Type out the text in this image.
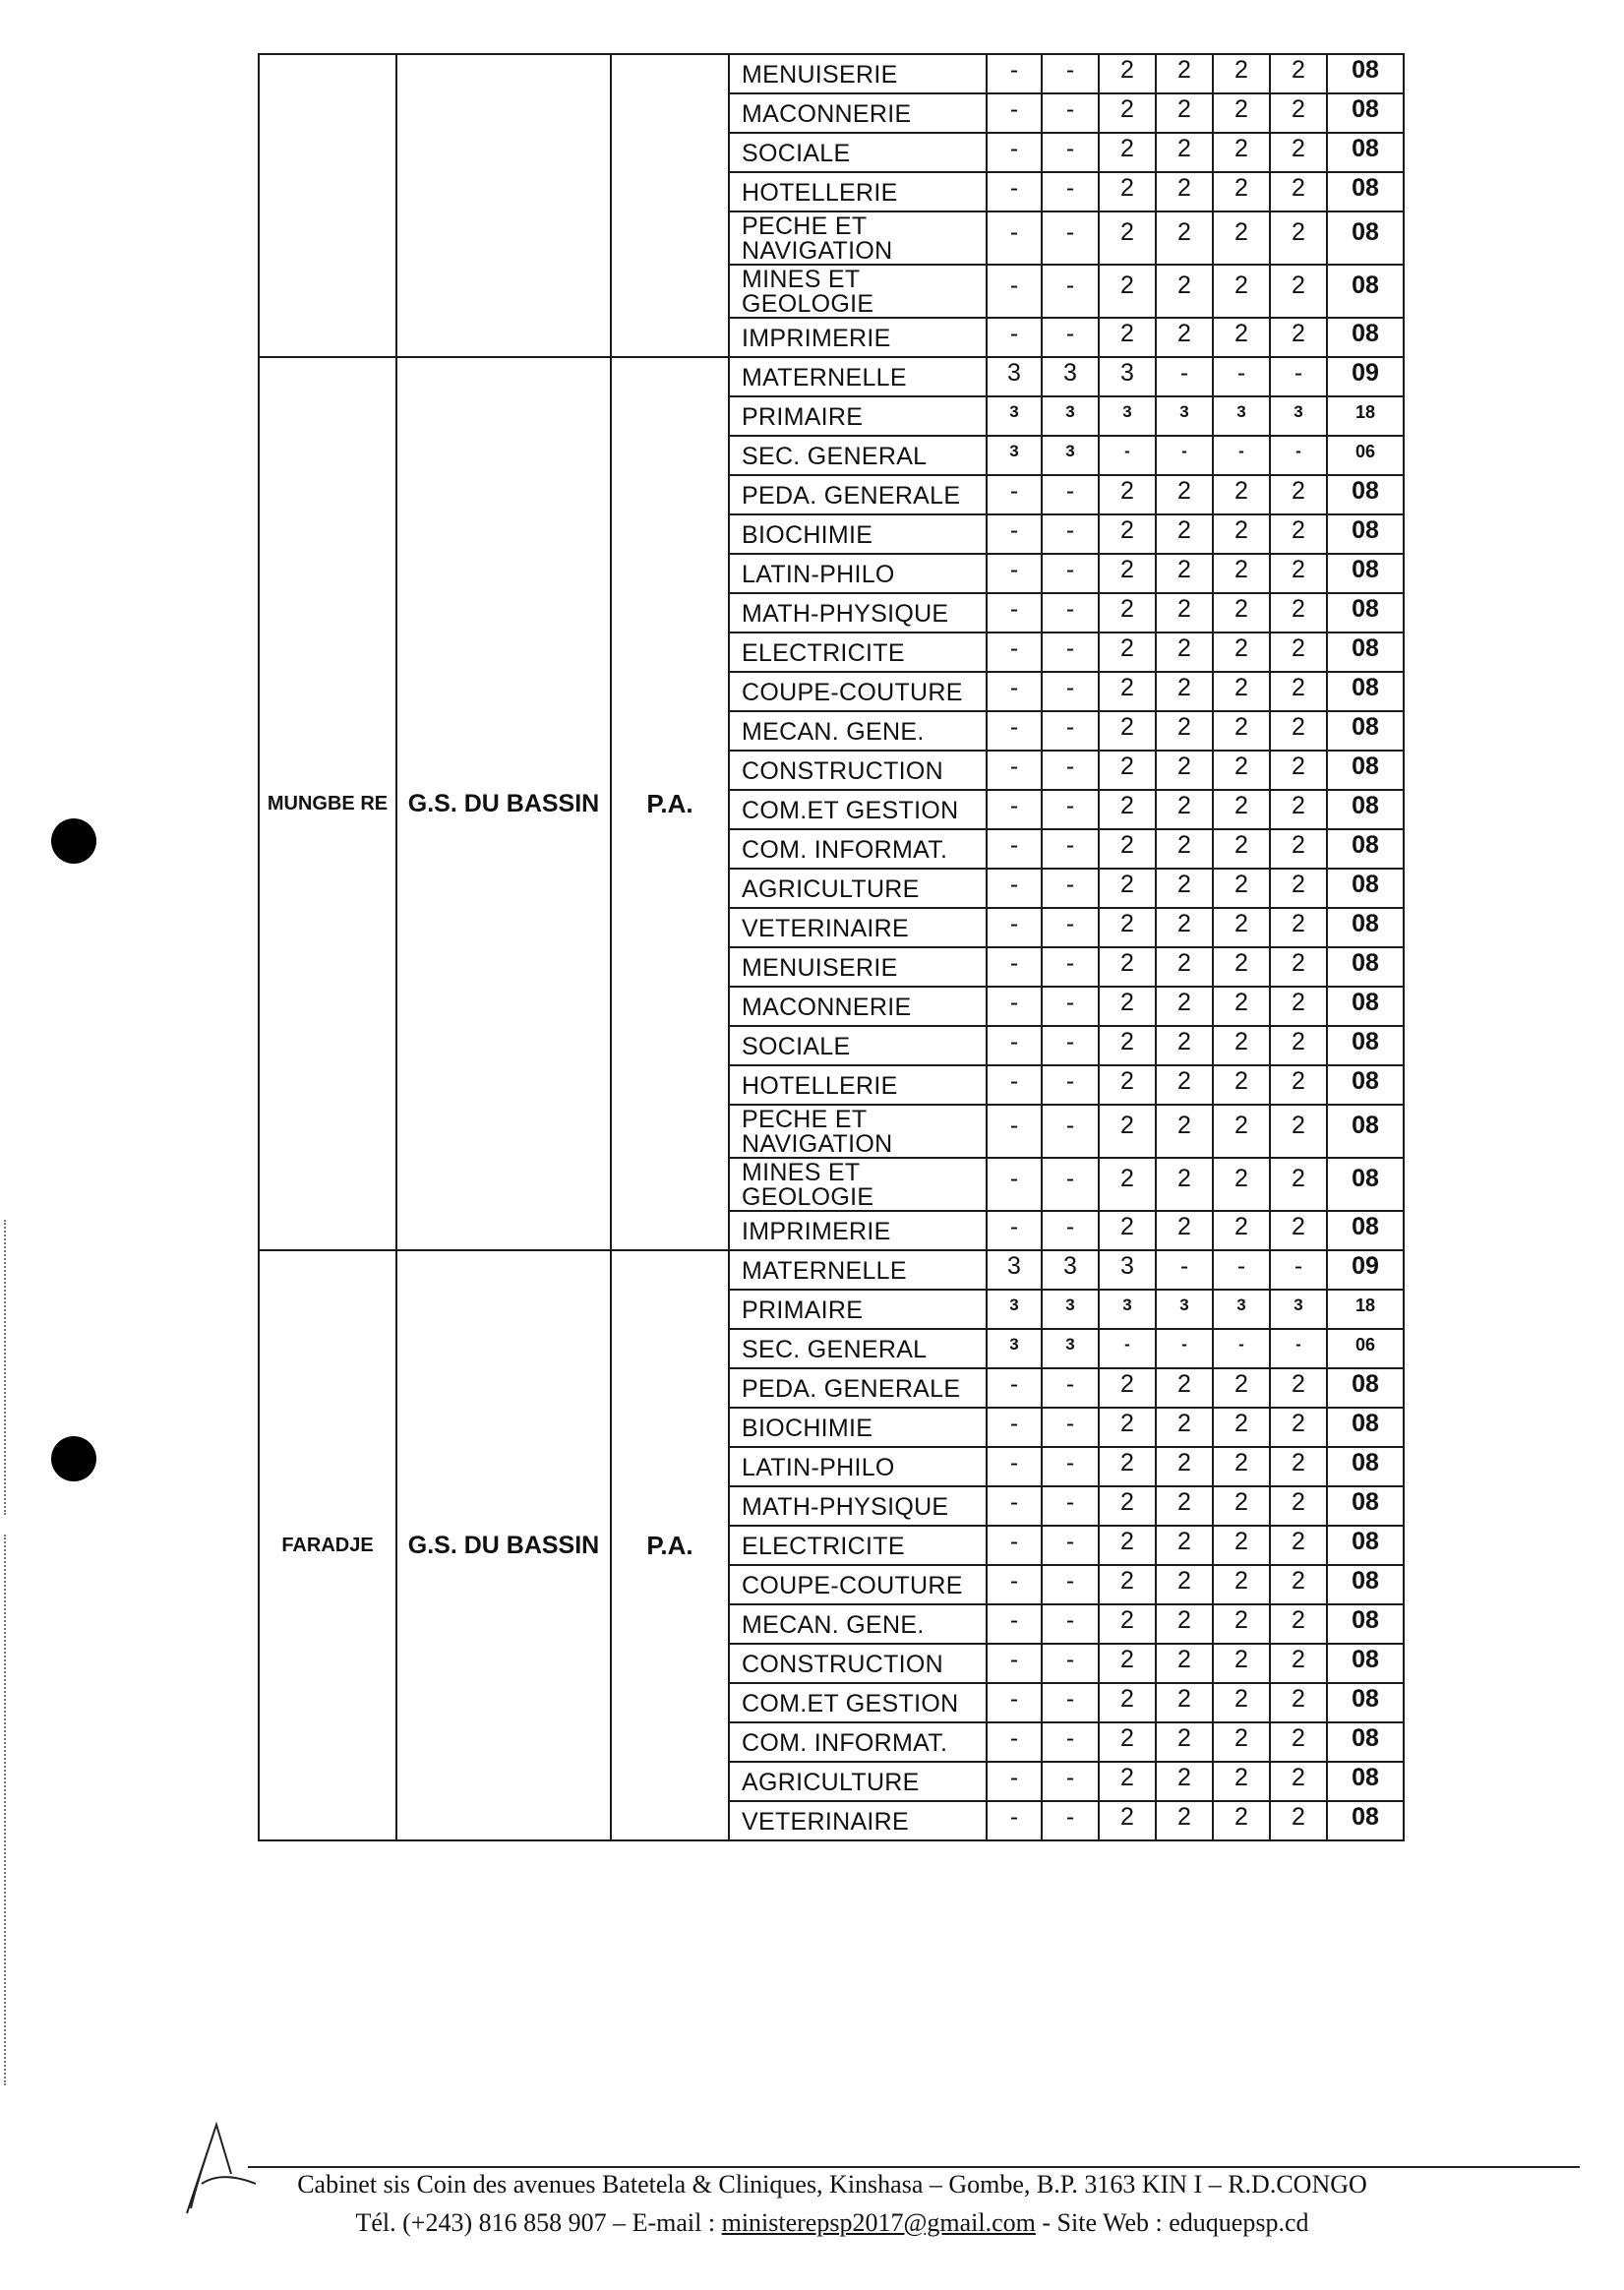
			MENUISERIE	-	-	2	2	2	2	08

			MACONNERIE	-	-	2	2	2	2	08

			SOCIALE	-	-	2	2	2	2	08

			HOTELLERIE	-	-	2	2	2	2	08

			PECHE ET NAVIGATION	-	-	2	2	2	2	08

			MINES ET GEOLOGIE	-	-	2	2	2	2	08

			IMPRIMERIE	-	-	2	2	2	2	08
MUNGBE RE	G.S. DU BASSIN	P.A.	MATERNELLE	3	3	3	-	-	-	09

			PRIMAIRE	3	3	3	3	3	3	18

			SEC. GENERAL	3	3	-	-	-	-	06

			PEDA. GENERALE	-	-	2	2	2	2	08

			BIOCHIMIE	-	-	2	2	2	2	08

			LATIN-PHILO	-	-	2	2	2	2	08

			MATH-PHYSIQUE	-	-	2	2	2	2	08

			ELECTRICITE	-	-	2	2	2	2	08

			COUPE-COUTURE	-	-	2	2	2	2	08

			MECAN. GENE.	-	-	2	2	2	2	08

			CONSTRUCTION	-	-	2	2	2	2	08

			COM.ET GESTION	-	-	2	2	2	2	08

			COM. INFORMAT.	-	-	2	2	2	2	08

			AGRICULTURE	-	-	2	2	2	2	08

			VETERINAIRE	-	-	2	2	2	2	08

			MENUISERIE	-	-	2	2	2	2	08

			MACONNERIE	-	-	2	2	2	2	08

			SOCIALE	-	-	2	2	2	2	08

			HOTELLERIE	-	-	2	2	2	2	08

			PECHE ET NAVIGATION	-	-	2	2	2	2	08

			MINES ET GEOLOGIE	-	-	2	2	2	2	08

			IMPRIMERIE	-	-	2	2	2	2	08
FARADJE	G.S. DU BASSIN	P.A.	MATERNELLE	3	3	3	-	-	-	09

			PRIMAIRE	3	3	3	3	3	3	18

			SEC. GENERAL	3	3	-	-	-	-	06

			PEDA. GENERALE	-	-	2	2	2	2	08

			BIOCHIMIE	-	-	2	2	2	2	08

			LATIN-PHILO	-	-	2	2	2	2	08

			MATH-PHYSIQUE	-	-	2	2	2	2	08

			ELECTRICITE	-	-	2	2	2	2	08

			COUPE-COUTURE	-	-	2	2	2	2	08

			MECAN. GENE.	-	-	2	2	2	2	08

			CONSTRUCTION	-	-	2	2	2	2	08

			COM.ET GESTION	-	-	2	2	2	2	08

			COM. INFORMAT.	-	-	2	2	2	2	08

			AGRICULTURE	-	-	2	2	2	2	08

			VETERINAIRE	-	-	2	2	2	2	08
Cabinet sis Coin des avenues Batetela & Cliniques, Kinshasa – Gombe, B.P. 3163 KIN I – R.D.CONGO
Tél. (+243) 816 858 907 – E-mail : ministerepsp2017@gmail.com - Site Web : eduquepsp.cd
